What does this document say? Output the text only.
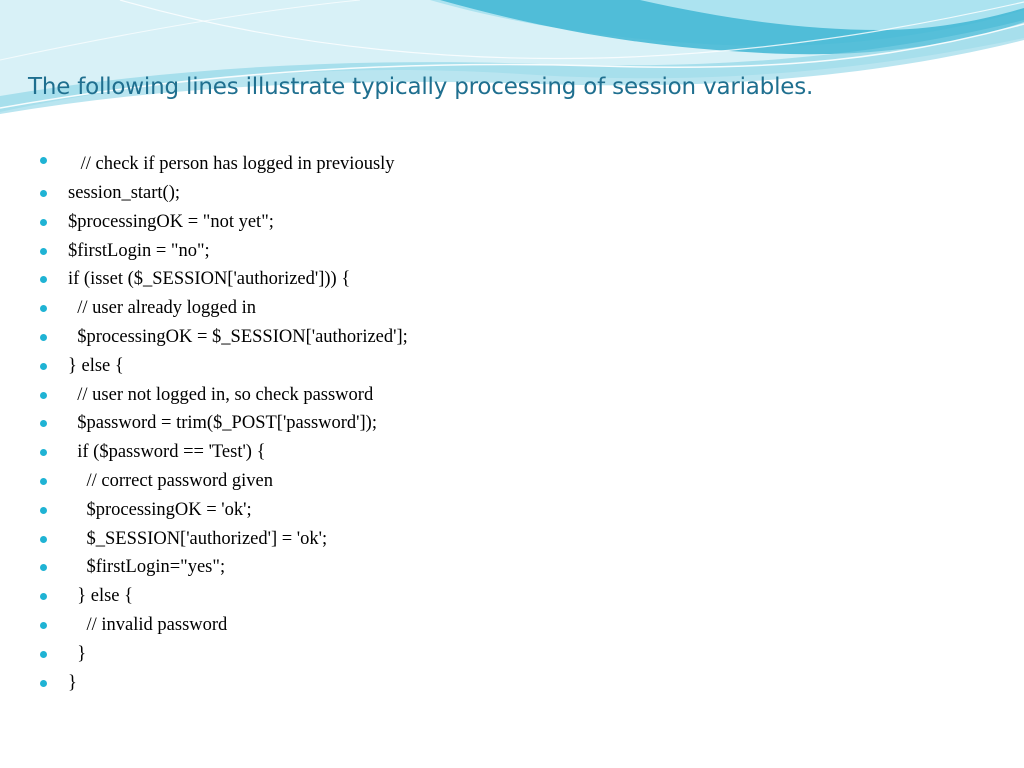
The following lines illustrate typically processing of session variables.
// check if person has logged in previously
session_start();
$processingOK = "not yet";
$firstLogin = "no";
if (isset ($_SESSION['authorized'])) {
// user already logged in
$processingOK = $_SESSION['authorized'];
} else {
// user not logged in, so check password
$password = trim($_POST['password']);
if ($password == 'Test') {
// correct password given
$processingOK = 'ok';
$_SESSION['authorized'] = 'ok';
$firstLogin="yes";
} else {
// invalid password
}
}
